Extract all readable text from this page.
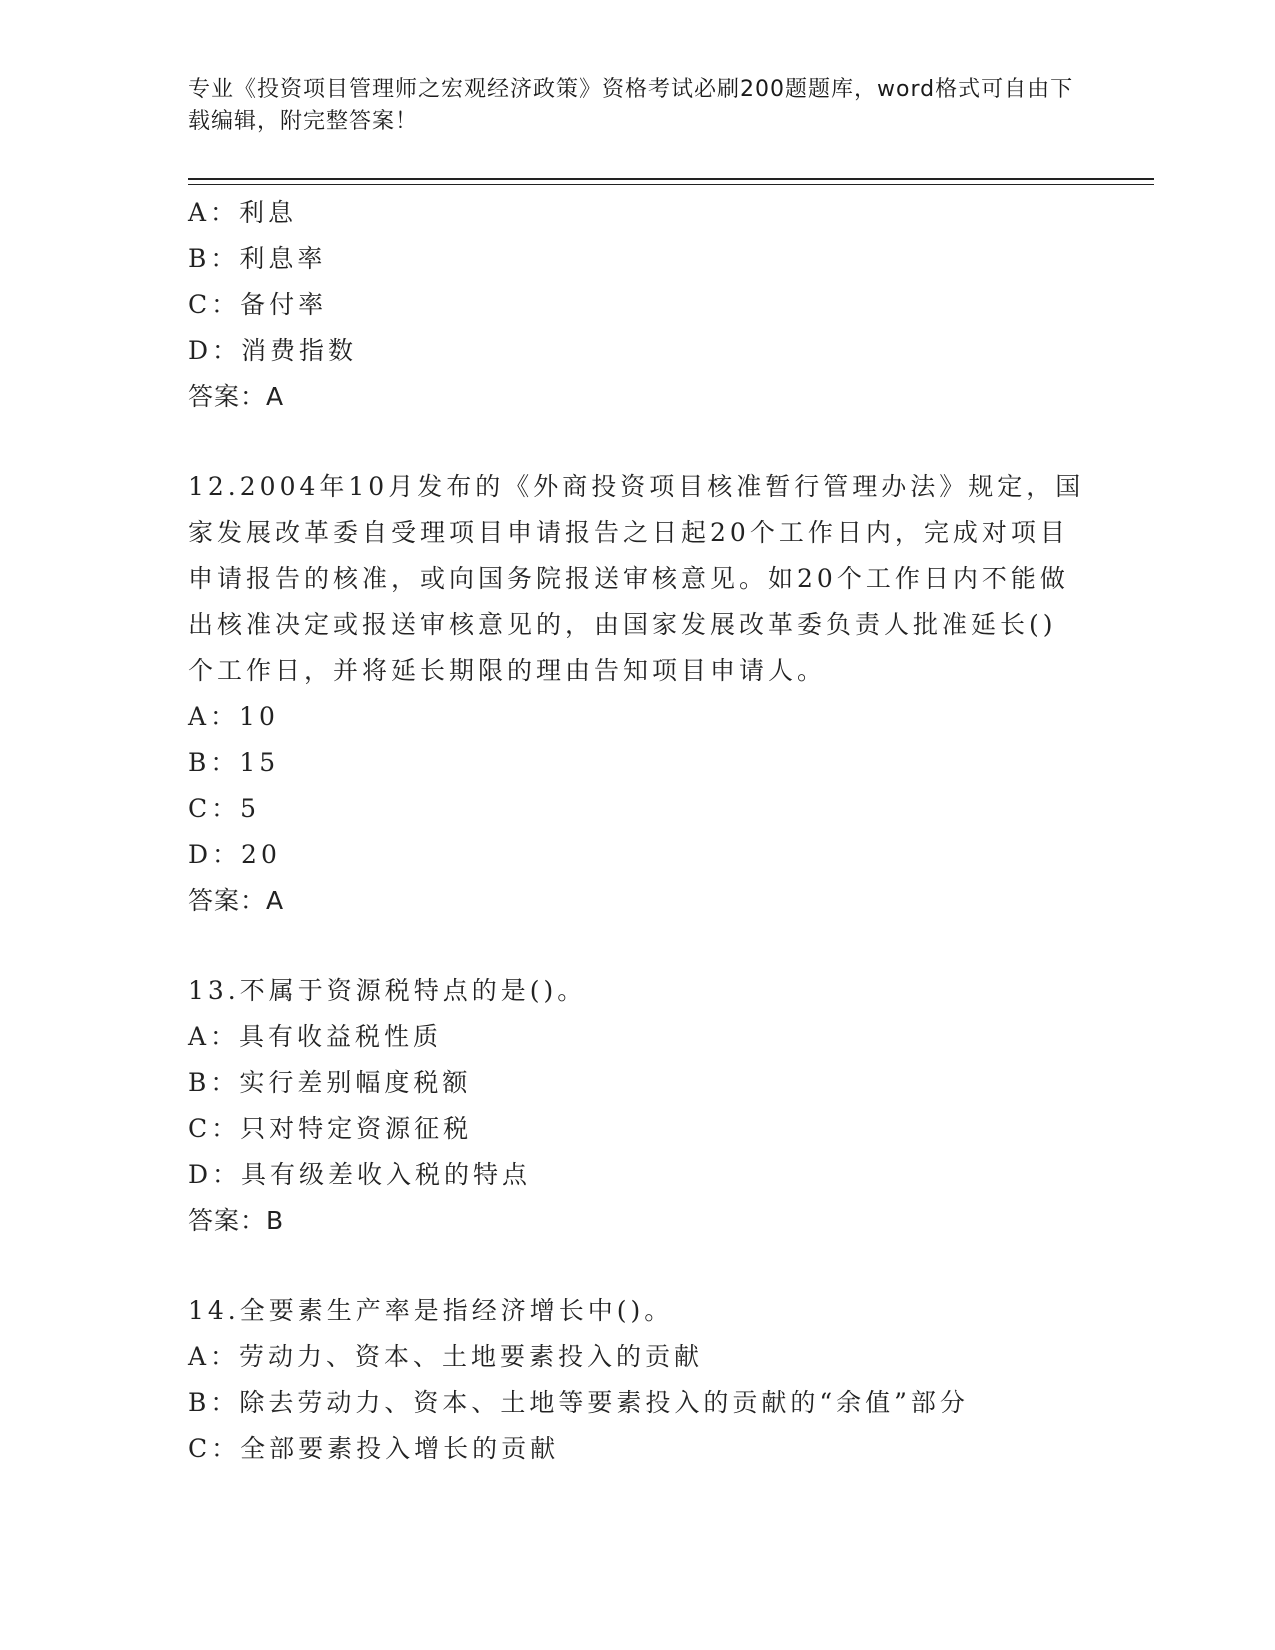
专业《投资项目管理师之宏观经济政策》资格考试必刷200题题库，word格式可自由下载编辑，附完整答案！
A：利息
B：利息率
C：备付率
D：消费指数
答案：A
12.2004年10月发布的《外商投资项目核准暂行管理办法》规定，国
家发展改革委自受理项目申请报告之日起20个工作日内，完成对项目
申请报告的核准，或向国务院报送审核意见。如20个工作日内不能做
出核准决定或报送审核意见的，由国家发展改革委负责人批准延长()
个工作日，并将延长期限的理由告知项目申请人。
A：10
B：15
C：5
D：20
答案：A
13.不属于资源税特点的是()。
A：具有收益税性质
B：实行差别幅度税额
C：只对特定资源征税
D：具有级差收入税的特点
答案：B
14.全要素生产率是指经济增长中()。
A：劳动力、资本、土地要素投入的贡献
B：除去劳动力、资本、土地等要素投入的贡献的“余值”部分
C：全部要素投入增长的贡献
